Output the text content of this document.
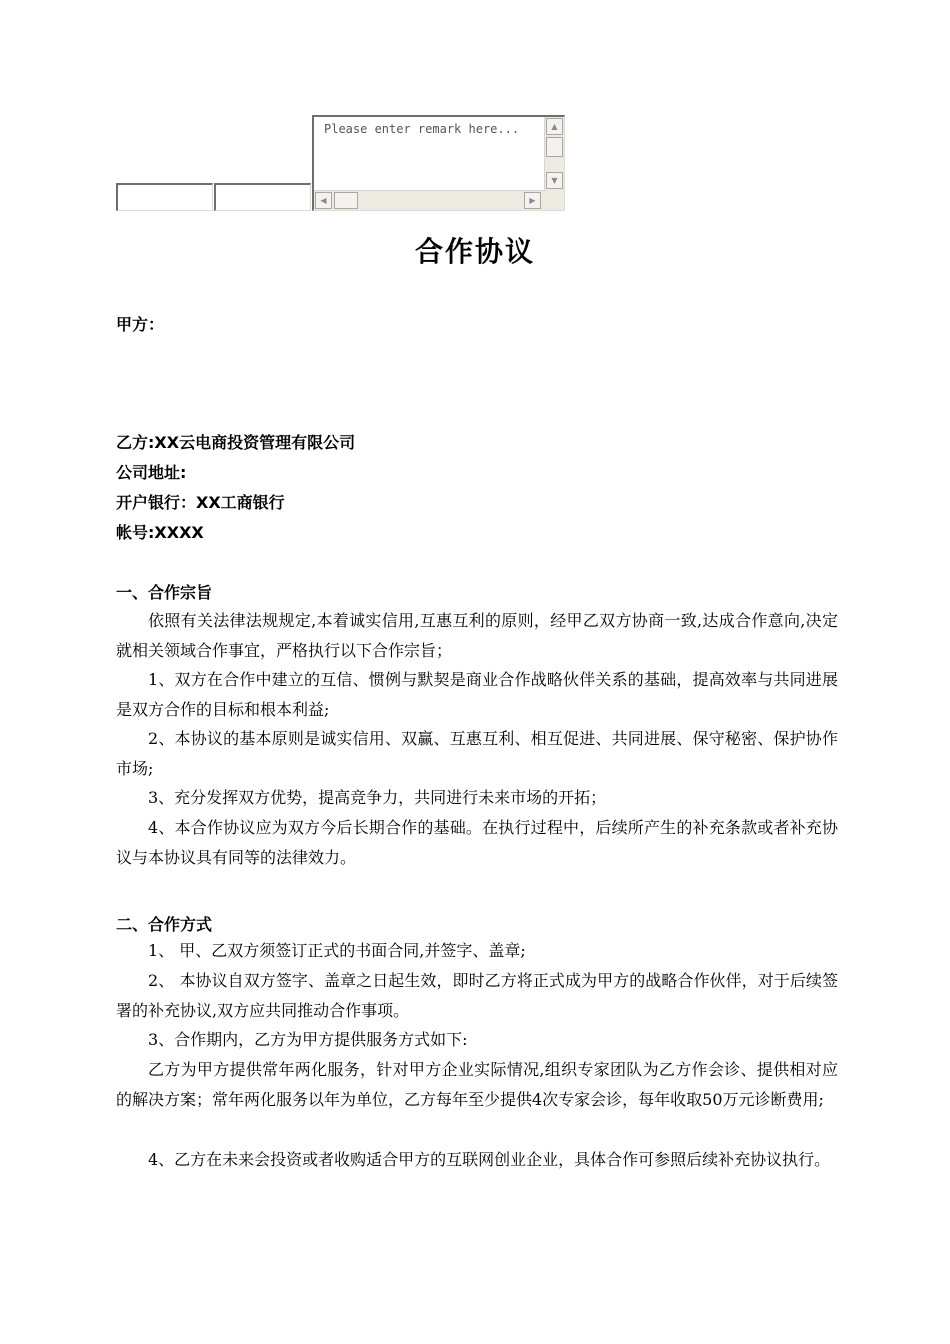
Please enter remark here...	▲
▼
◀	▶
合作协议
甲方：
乙方:XX云电商投资管理有限公司
公司地址:
开户银行：XX工商银行
帐号:XXXX
一、合作宗旨
依照有关法律法规规定,本着诚实信用,互惠互利的原则，经甲乙双方协商一致,达成合作意向,决定就相关领域合作事宜，严格执行以下合作宗旨；
1、双方在合作中建立的互信、惯例与默契是商业合作战略伙伴关系的基础，提高效率与共同进展是双方合作的目标和根本利益;
2、本协议的基本原则是诚实信用、双赢、互惠互利、相互促进、共同进展、保守秘密、保护协作市场;
3、充分发挥双方优势，提高竞争力，共同进行未来市场的开拓；
4、本合作协议应为双方今后长期合作的基础。在执行过程中，后续所产生的补充条款或者补充协议与本协议具有同等的法律效力。
二、合作方式
1、 甲、乙双方须签订正式的书面合同,并签字、盖章;
2、 本协议自双方签字、盖章之日起生效，即时乙方将正式成为甲方的战略合作伙伴，对于后续签署的补充协议,双方应共同推动合作事项。
3、合作期内，乙方为甲方提供服务方式如下:
乙方为甲方提供常年两化服务，针对甲方企业实际情况,组织专家团队为乙方作会诊、提供相对应的解决方案；常年两化服务以年为单位，乙方每年至少提供4次专家会诊，每年收取50万元诊断费用;
4、乙方在未来会投资或者收购适合甲方的互联网创业企业，具体合作可参照后续补充协议执行。
